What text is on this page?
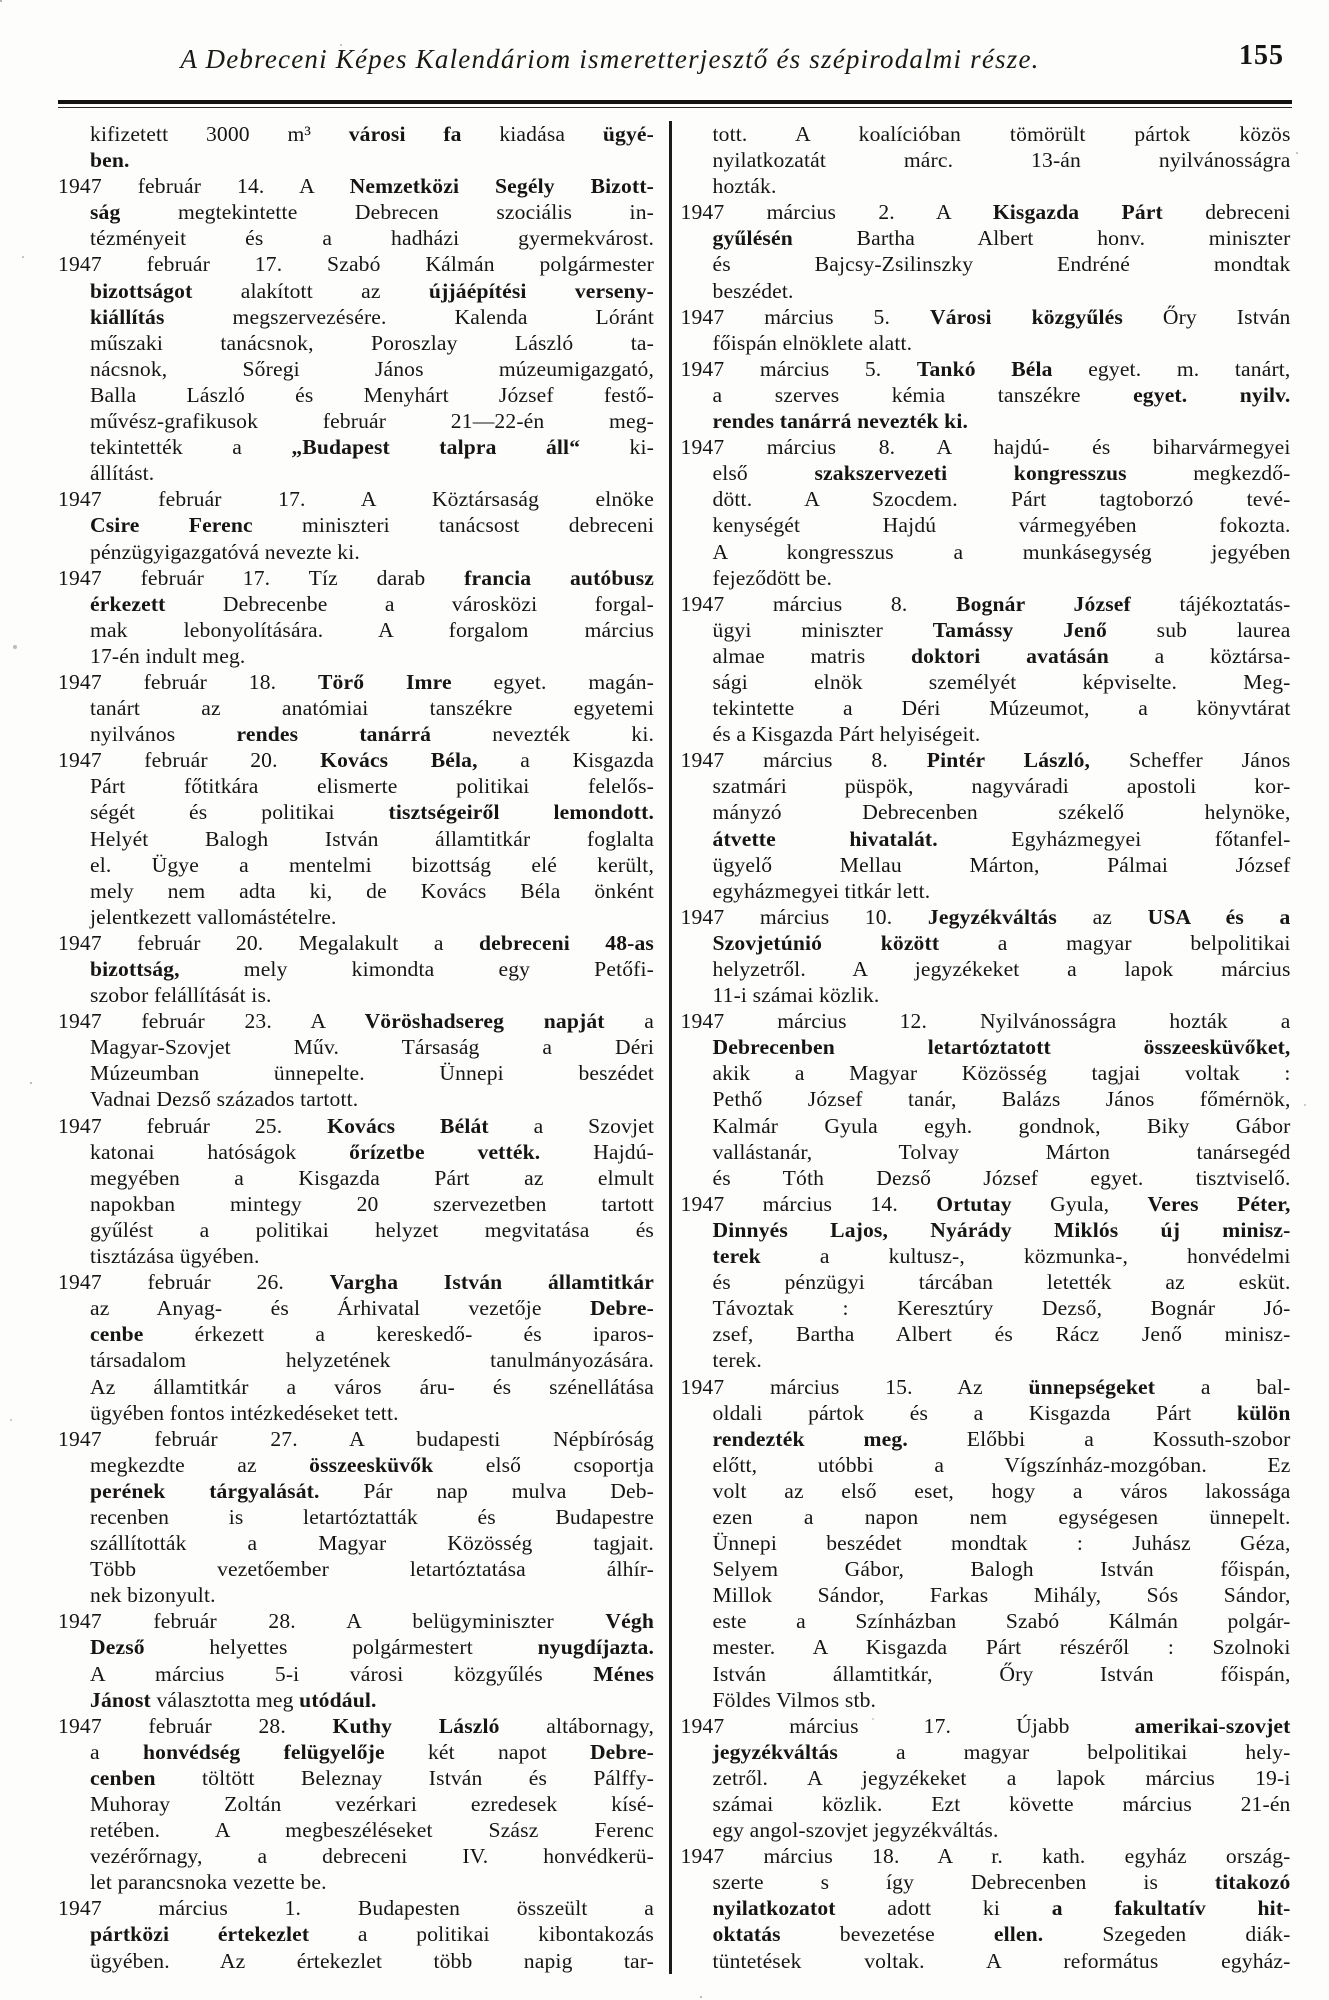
A Debreceni Képes Kalendáriom ismeretterjesztő és szépirodalmi része.	155
kifizetett 3000 m³ városi fa kiadása ügyé-
ben.
1947 február 14. A Nemzetközi Segély Bizott-
ság megtekintette Debrecen szociális in-
tézményeit és a hadházi gyermekvárost.
1947 február 17. Szabó Kálmán polgármester
bizottságot alakított az újjáépítési verseny-
kiállítás megszervezésére. Kalenda Lóránt
műszaki tanácsnok, Poroszlay László ta-
nácsnok, Sőregi János múzeumigazgató,
Balla László és Menyhárt József festő-
művész-grafikusok február 21—22-én meg-
tekintették a „Budapest talpra áll“ ki-
állítást.
1947 február 17. A Köztársaság elnöke
Csire Ferenc miniszteri tanácsost debreceni
pénzügyigazgatóvá nevezte ki.
1947 február 17. Tíz darab francia autóbusz
érkezett Debrecenbe a városközi forgal-
mak lebonyolítására. A forgalom március
17-én indult meg.
1947 február 18. Törő Imre egyet. magán-
tanárt az anatómiai tanszékre egyetemi
nyilvános rendes tanárrá nevezték ki.
1947 február 20. Kovács Béla, a Kisgazda
Párt főtitkára elismerte politikai felelős-
ségét és politikai tisztségeiről lemondott.
Helyét Balogh István államtitkár foglalta
el. Ügye a mentelmi bizottság elé került,
mely nem adta ki, de Kovács Béla önként
jelentkezett vallomástételre.
1947 február 20. Megalakult a debreceni 48-as
bizottság, mely kimondta egy Petőfi-
szobor felállítását is.
1947 február 23. A Vöröshadsereg napját a
Magyar-Szovjet Műv. Társaság a Déri
Múzeumban ünnepelte. Ünnepi beszédet
Vadnai Dezső százados tartott.
1947 február 25. Kovács Bélát a Szovjet
katonai hatóságok őrízetbe vették. Hajdú-
megyében a Kisgazda Párt az elmult
napokban mintegy 20 szervezetben tartott
gyűlést a politikai helyzet megvitatása és
tisztázása ügyében.
1947 február 26. Vargha István államtitkár
az Anyag- és Árhivatal vezetője Debre-
cenbe érkezett a kereskedő- és iparos-
társadalom helyzetének tanulmányozására.
Az államtitkár a város áru- és szénellátása
ügyében fontos intézkedéseket tett.
1947 február 27. A budapesti Népbíróság
megkezdte az összeesküvők első csoportja
perének tárgyalását. Pár nap mulva Deb-
recenben is letartóztatták és Budapestre
szállították a Magyar Közösség tagjait.
Több vezetőember letartóztatása álhír-
nek bizonyult.
1947 február 28. A belügyminiszter Végh
Dezső helyettes polgármestert nyugdíjazta.
A március 5-i városi közgyűlés Ménes
Jánost választotta meg utódául.
1947 február 28. Kuthy László altábornagy,
a honvédség felügyelője két napot Debre-
cenben töltött Beleznay István és Pálffy-
Muhoray Zoltán vezérkari ezredesek kísé-
retében. A megbeszéléseket Szász Ferenc
vezérőrnagy, a debreceni IV. honvédkerü-
let parancsnoka vezette be.
1947 március 1. Budapesten összeült a
pártközi értekezlet a politikai kibontakozás
ügyében. Az értekezlet több napig tar-
tott. A koalícióban tömörült pártok közös
nyilatkozatát márc. 13-án nyilvánosságra
hozták.
1947 március 2. A Kisgazda Párt debreceni
gyűlésén Bartha Albert honv. miniszter
és Bajcsy-Zsilinszky Endréné mondtak
beszédet.
1947 március 5. Városi közgyűlés Őry István
főispán elnöklete alatt.
1947 március 5. Tankó Béla egyet. m. tanárt,
a szerves kémia tanszékre egyet. nyilv.
rendes tanárrá nevezték ki.
1947 március 8. A hajdú- és biharvármegyei
első szakszervezeti kongresszus megkezdő-
dött. A Szocdem. Párt tagtoborzó tevé-
kenységét Hajdú vármegyében fokozta.
A kongresszus a munkásegység jegyében
fejeződött be.
1947 március 8. Bognár József tájékoztatás-
ügyi miniszter Tamássy Jenő sub laurea
almae matris doktori avatásán a köztársa-
sági elnök személyét képviselte. Meg-
tekintette a Déri Múzeumot, a könyvtárat
és a Kisgazda Párt helyiségeit.
1947 március 8. Pintér László, Scheffer János
szatmári püspök, nagyváradi apostoli kor-
mányzó Debrecenben székelő helynöke,
átvette hivatalát. Egyházmegyei főtanfel-
ügyelő Mellau Márton, Pálmai József
egyházmegyei titkár lett.
1947 március 10. Jegyzékváltás az USA és a
Szovjetúnió között a magyar belpolitikai
helyzetről. A jegyzékeket a lapok március
11-i számai közlik.
1947 március 12. Nyilvánosságra hozták a
Debrecenben letartóztatott összeesküvőket,
akik a Magyar Közösség tagjai voltak :
Pethő József tanár, Balázs János főmérnök,
Kalmár Gyula egyh. gondnok, Biky Gábor
vallástanár, Tolvay Márton tanársegéd
és Tóth Dezső József egyet. tisztviselő.
1947 március 14. Ortutay Gyula, Veres Péter,
Dinnyés Lajos, Nyárády Miklós új minisz-
terek a kultusz-, közmunka-, honvédelmi
és pénzügyi tárcában letették az esküt.
Távoztak : Keresztúry Dezső, Bognár Jó-
zsef, Bartha Albert és Rácz Jenő minisz-
terek.
1947 március 15. Az ünnepségeket a bal-
oldali pártok és a Kisgazda Párt külön
rendezték meg. Előbbi a Kossuth-szobor
előtt, utóbbi a Vígszínház-mozgóban. Ez
volt az első eset, hogy a város lakossága
ezen a napon nem egységesen ünnepelt.
Ünnepi beszédet mondtak : Juhász Géza,
Selyem Gábor, Balogh István főispán,
Millok Sándor, Farkas Mihály, Sós Sándor,
este a Színházban Szabó Kálmán polgár-
mester. A Kisgazda Párt részéről : Szolnoki
István államtitkár, Őry István főispán,
Földes Vilmos stb.
1947 március 17. Újabb amerikai-szovjet
jegyzékváltás a magyar belpolitikai hely-
zetről. A jegyzékeket a lapok március 19-i
számai közlik. Ezt követte március 21-én
egy angol-szovjet jegyzékváltás.
1947 március 18. A r. kath. egyház ország-
szerte s így Debrecenben is titakozó
nyilatkozatot adott ki a fakultatív hit-
oktatás bevezetése ellen. Szegeden diák-
tüntetések voltak. A református egyház-
